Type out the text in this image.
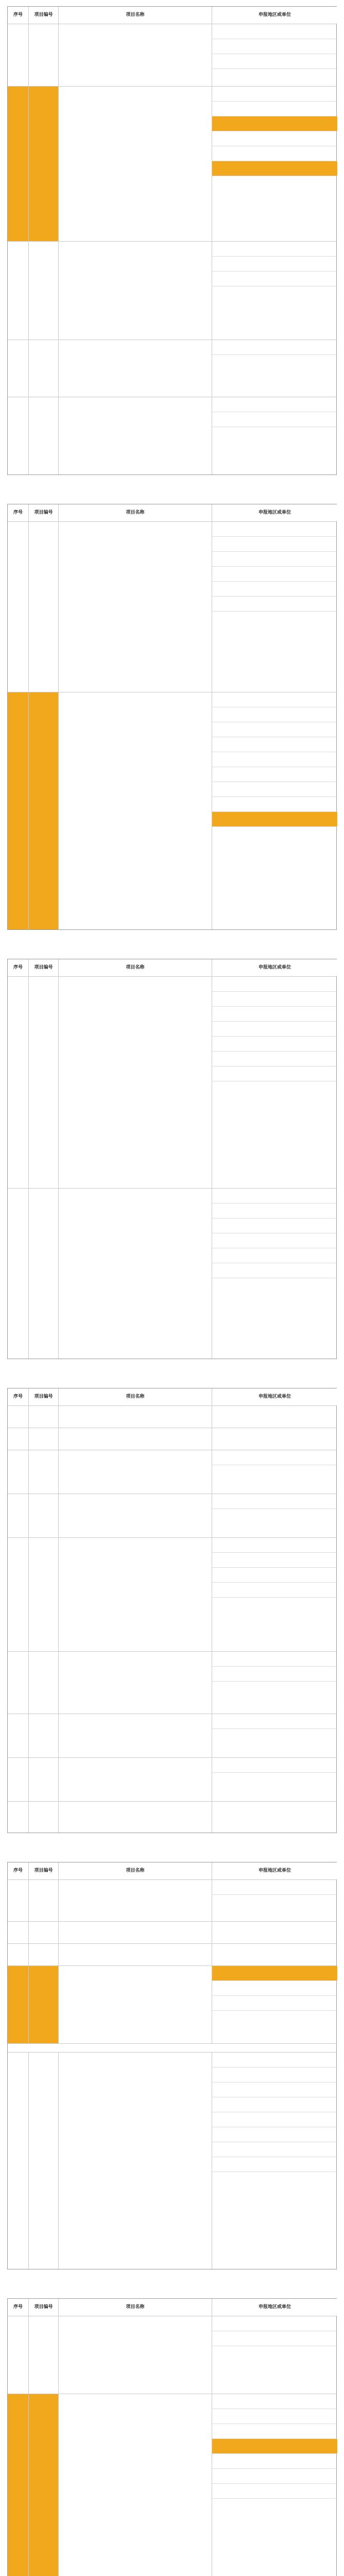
序号	项目编号	项目名称	申报地区或单位
序号	项目编号	项目名称	申报地区或单位
序号	项目编号	项目名称	申报地区或单位
序号	项目编号	项目名称	申报地区或单位
序号	项目编号	项目名称	申报地区或单位
序号	项目编号	项目名称	申报地区或单位
